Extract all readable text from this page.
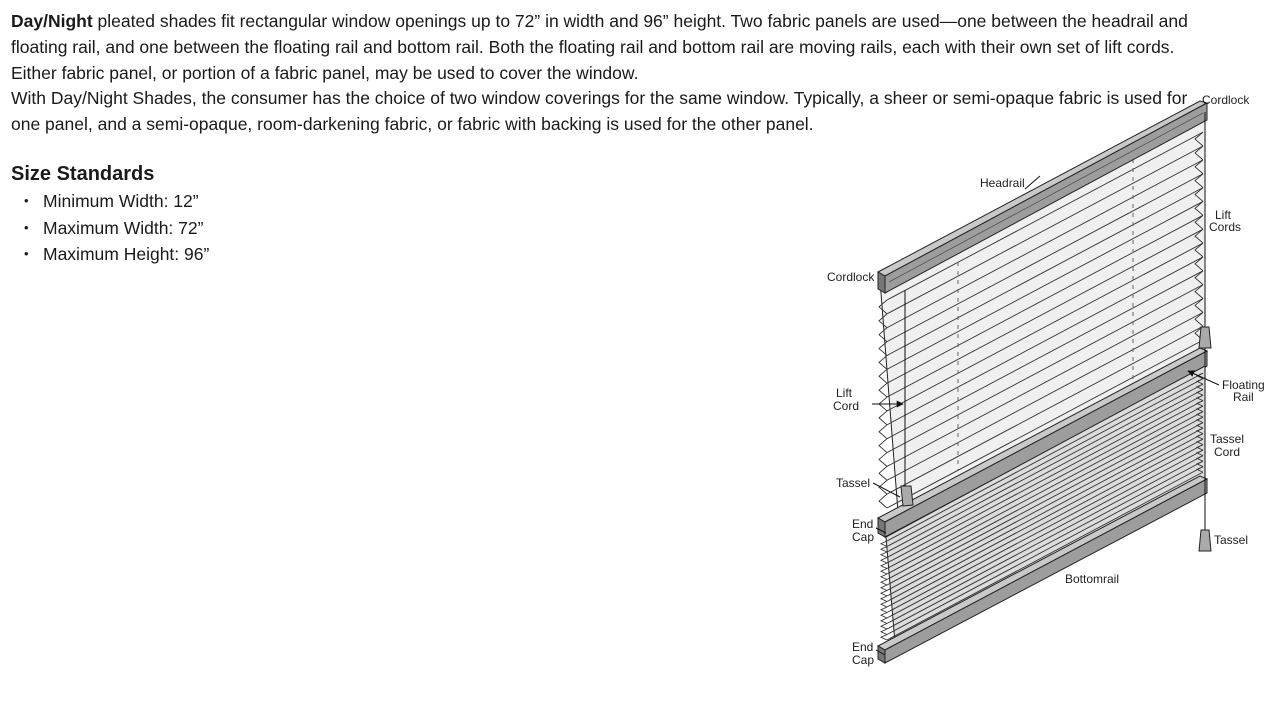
Day/Night pleated shades fit rectangular window openings up to 72” in width and 96” height. Two fabric panels are used—one between the headrail and floating rail, and one between the floating rail and bottom rail. Both the floating rail and bottom rail are moving rails, each with their own set of lift cords. Either fabric panel, or portion of a fabric panel, may be used to cover the window.

With Day/Night Shades, the consumer has the choice of two window coverings for the same window. Typically, a sheer or semi-opaque fabric is used for one panel, and a semi-opaque, room-darkening fabric, or fabric with backing is used for the other panel.

Size Standards
• Minimum Width: 12”
• Maximum Width: 72”
• Maximum Height: 96”
Cordlock
Headrail
Lift
Cords
Cordlock
Lift
Cord
Floating
Rail
Tassel
Cord
Tassel
End
Cap	Tassel
Bottomrail
End
Cap
